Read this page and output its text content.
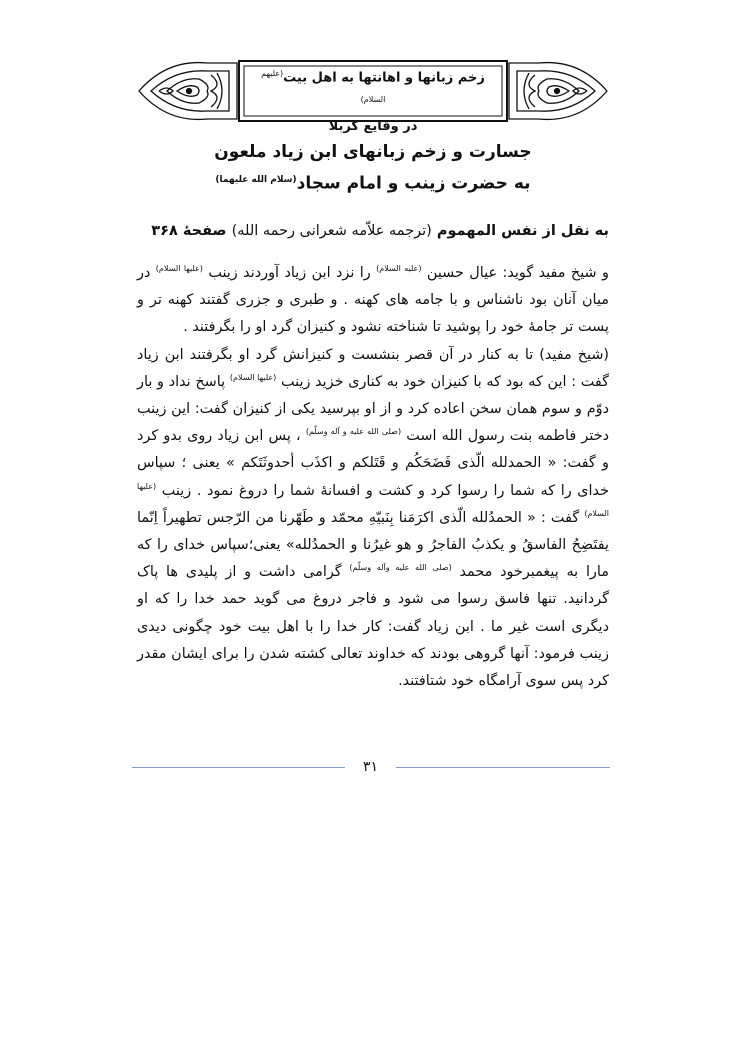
زخم زبانها و اهانتها به اهل بیت$^{(علیهم السلام)}$
در وقایع کربلا
جسارت و زخم زبانهای ابن زیاد ملعون
به حضرت زینب و امام سجاد$^{(سلام الله علیهما)}$
به نقل از نفس المهموم (ترجمه علاّمه شعرانی رحمه الله) صفحهٔ ۳۶۸

و شیخ مفید گوید: عیال حسین $^{(علیه السلام)}$ را نزد ابن زیاد آوردند زینب $^{(علیها السلام)}$ در میان آنان بود ناشناس و با جامه های کهنه . و طبری و جزری گفتند کهنه تر و پست تر جامهٔ خود را پوشید تا شناخته نشود و کنیزان گرد او را بگرفتند .

(شیخ مفید) تا به کنار در آن قصر بنشست و کنیزانش گرد او بگرفتند ابن زیاد گفت : این که بود که با کنیزان خود به کناری خزید زینب $^{(علیها السلام)}$ پاسخ نداد و بار دوّم و سوم همان سخن اعاده کرد و از او بپرسید یکی از کنیزان گفت: این زینب دختر فاطمه بنت رسول الله است $^{(صلی الله علیه و آله وسلّم)}$ ، پس ابن زیاد روی بدو کرد و گفت: « الحمدلله الّذی فَضَحَکُم و قَتَلکم و اکذَب أحدوثَتَکم » یعنی ؛ سپاس خدای را که شما را رسوا کرد و کشت و افسانهٔ شما را دروغ نمود . زینب $^{(علیها السلام)}$ گفت : « الحمدُلله الّذی اکرَمَنا بِنَبیّهِ محمّد و طَهّرنا من الرّجس تطهیراً اِنّما یفتَضِحُ الفاسقُ و یکذبُ الفاجرُ و هو غیرُنا و الحمدُلله» یعنی؛سپاس خدای را که مارا به پیغمبرخود محمد $^{(صلی الله علیه وآله وسلّم)}$ گرامی داشت و از پلیدی ها پاک گردانید. تنها فاسق رسوا می شود و فاجر دروغ می گوید حمد خدا را که او دیگری است غیر ما . ابن زیاد گفت: کار خدا را با اهل بیت خود چگونی دیدی زینب فرمود: آنها گروهی بودند که خداوند تعالی کشته شدن را برای ایشان مقدر کرد پس سوی آرامگاه خود شتافتند.

۳۱
